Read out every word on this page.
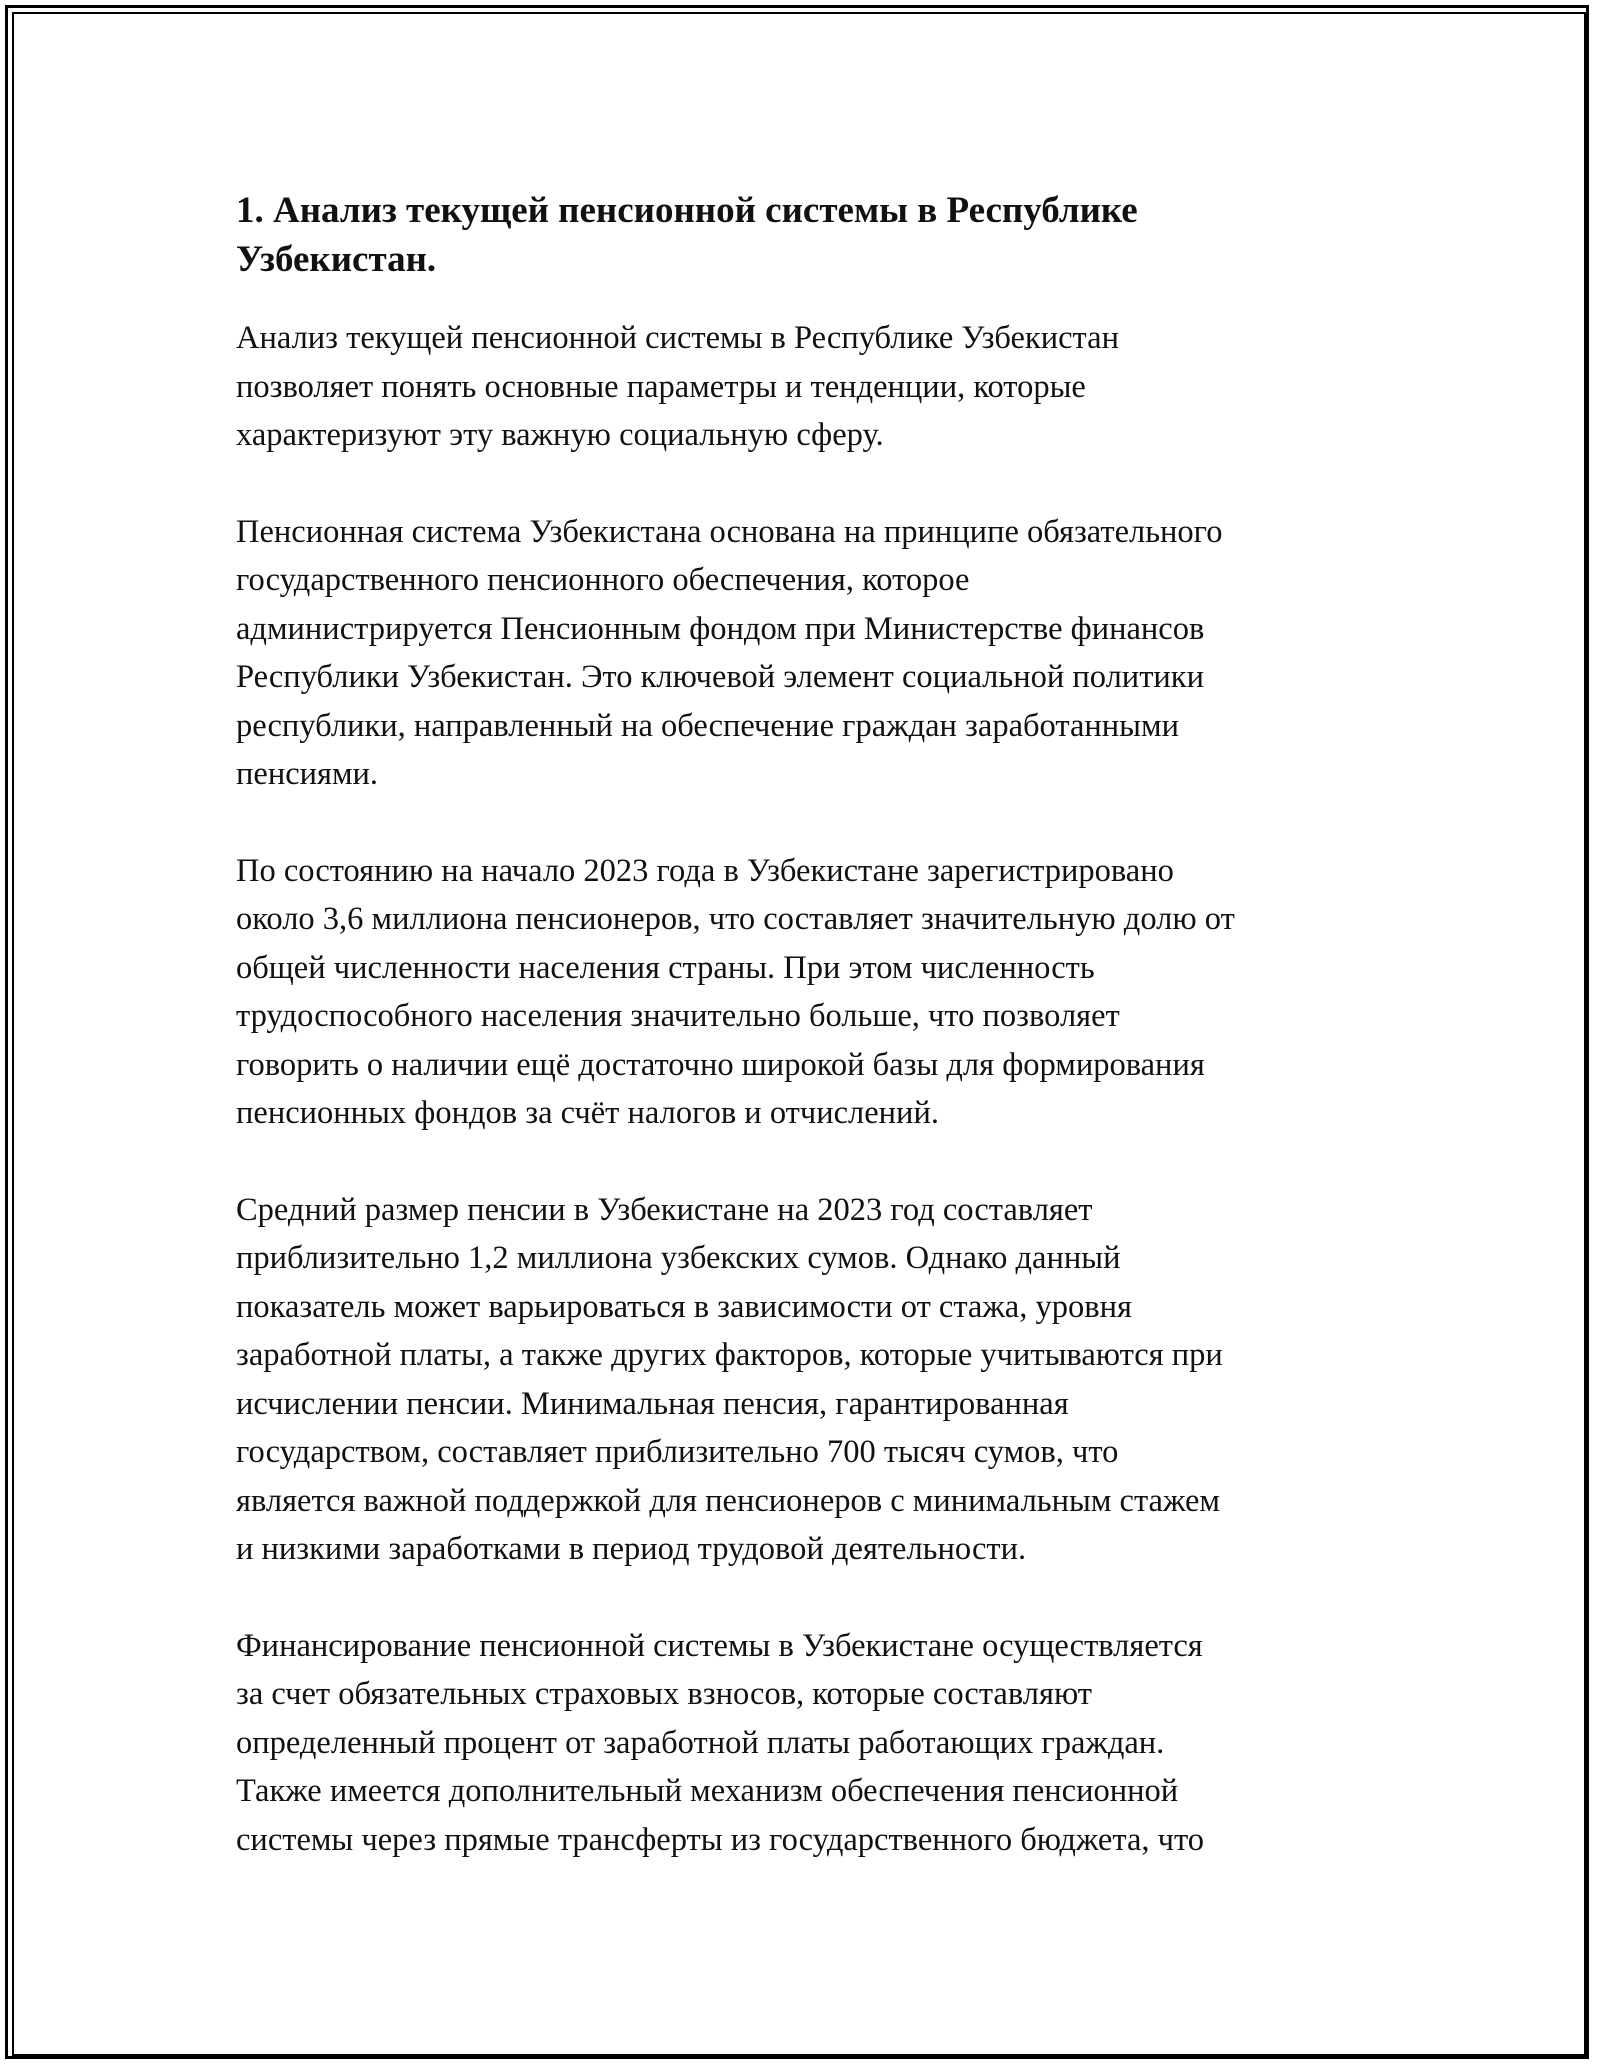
1. Анализ текущей пенсионной системы в Республике
Узбекистан.

Анализ текущей пенсионной системы в Республике Узбекистан
позволяет понять основные параметры и тенденции, которые
характеризуют эту важную социальную сферу.

Пенсионная система Узбекистана основана на принципе обязательного
государственного пенсионного обеспечения, которое
администрируется Пенсионным фондом при Министерстве финансов
Республики Узбекистан. Это ключевой элемент социальной политики
республики, направленный на обеспечение граждан заработанными
пенсиями.

По состоянию на начало 2023 года в Узбекистане зарегистрировано
около 3,6 миллиона пенсионеров, что составляет значительную долю от
общей численности населения страны. При этом численность
трудоспособного населения значительно больше, что позволяет
говорить о наличии ещё достаточно широкой базы для формирования
пенсионных фондов за счёт налогов и отчислений.

Средний размер пенсии в Узбекистане на 2023 год составляет
приблизительно 1,2 миллиона узбекских сумов. Однако данный
показатель может варьироваться в зависимости от стажа, уровня
заработной платы, а также других факторов, которые учитываются при
исчислении пенсии. Минимальная пенсия, гарантированная
государством, составляет приблизительно 700 тысяч сумов, что
является важной поддержкой для пенсионеров с минимальным стажем
и низкими заработками в период трудовой деятельности.

Финансирование пенсионной системы в Узбекистане осуществляется
за счет обязательных страховых взносов, которые составляют
определенный процент от заработной платы работающих граждан.
Также имеется дополнительный механизм обеспечения пенсионной
системы через прямые трансферты из государственного бюджета, что
